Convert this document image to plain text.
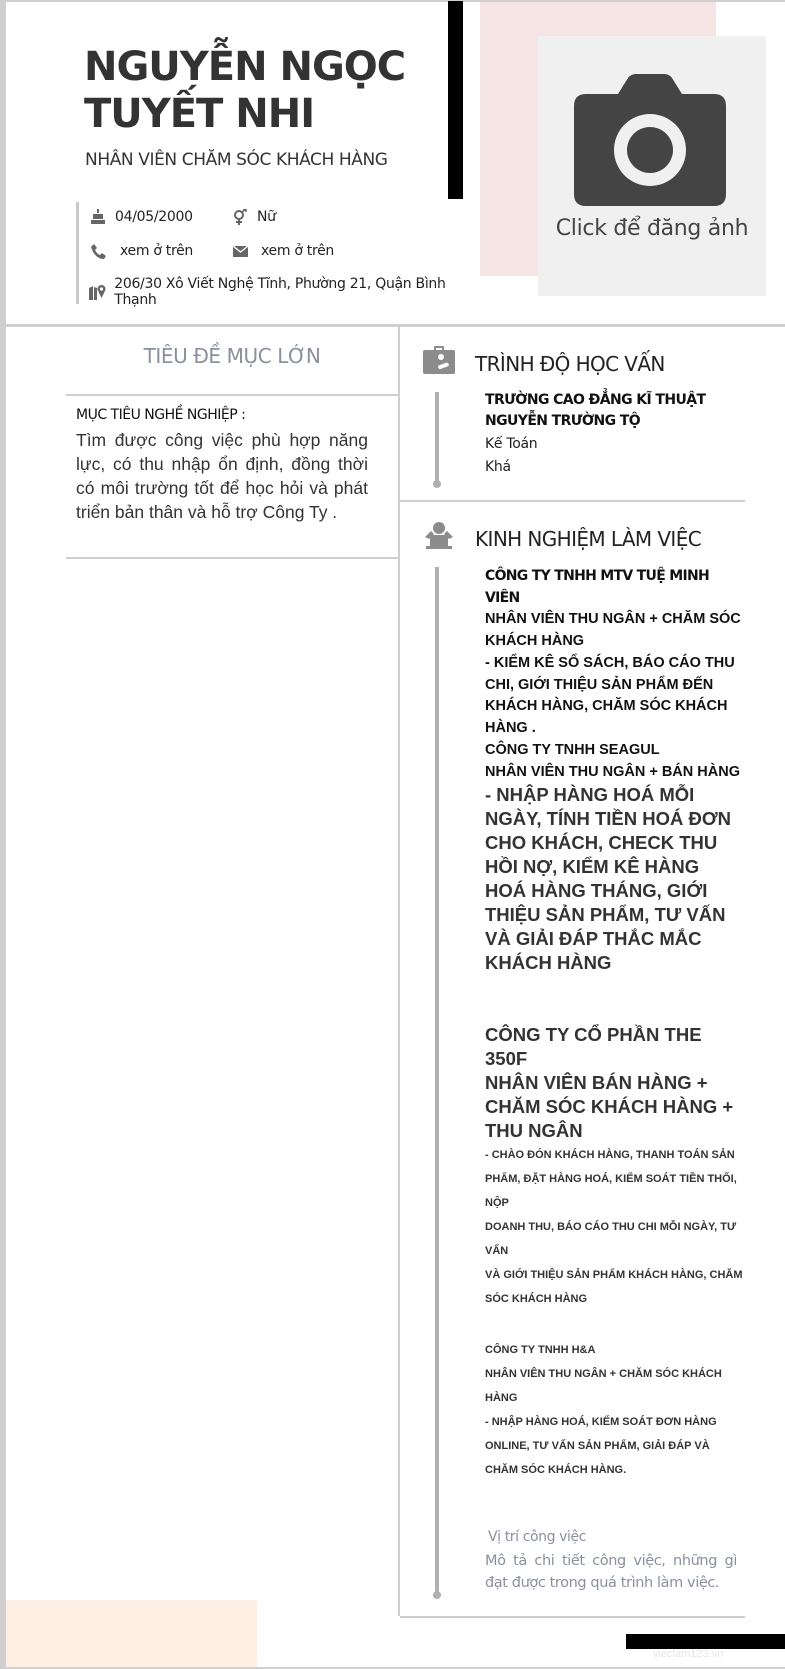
NGUYỄN NGỌC
TUYẾT NHI
NHÂN VIÊN CHĂM SÓC KHÁCH HÀNG
Click để đăng ảnh
04/05/2000	Nữ
xem ở trên	xem ở trên
206/30 Xô Viết Nghệ Tĩnh, Phường 21, Quận Bình Thạnh
TIÊU ĐỀ MỤC LỚN
MỤC TIÊU NGHỀ NGHIỆP :
Tìm được công việc phù hợp năng lực, có thu nhập ổn định, đồng thời có môi trường tốt để học hỏi và phát triển bản thân và hỗ trợ Công Ty .
TRÌNH ĐỘ HỌC VẤN
TRƯỜNG CAO ĐẲNG KĨ THUẬT
NGUYỄN TRƯỜNG TỘ
Kế Toán
Khá
KINH NGHIỆM LÀM VIỆC
CÔNG TY TNHH MTV TUỆ MINH VIÊN
NHÂN VIÊN THU NGÂN + CHĂM SÓC KHÁCH HÀNG
- KIỂM KÊ SỔ SÁCH, BÁO CÁO THU CHI, GIỚI THIỆU SẢN PHẨM ĐẾN KHÁCH HÀNG, CHĂM SÓC KHÁCH HÀNG .
CÔNG TY TNHH SEAGUL
NHÂN VIÊN THU NGÂN + BÁN HÀNG
- NHẬP HÀNG HOÁ MỖI NGÀY, TÍNH TIỀN HOÁ ĐƠN CHO KHÁCH, CHECK THU HỒI NỢ, KIỂM KÊ HÀNG HOÁ HÀNG THÁNG, GIỚI THIỆU SẢN PHẨM, TƯ VẤN VÀ GIẢI ĐÁP THẮC MẮC KHÁCH HÀNG
CÔNG TY CỔ PHẦN THE
350F
NHÂN VIÊN BÁN HÀNG + CHĂM SÓC KHÁCH HÀNG + THU NGÂN
- CHÀO ĐÓN KHÁCH HÀNG, THANH TOÁN SẢN PHẨM, ĐẶT HÀNG HOÁ, KIỂM SOÁT TIỀN THỐI, NỘP
DOANH THU, BÁO CÁO THU CHI MỖI NGÀY, TƯ VẤN
VÀ GIỚI THIỆU SẢN PHẨM KHÁCH HÀNG, CHĂM SÓC KHÁCH HÀNG
CÔNG TY TNHH H&A
NHÂN VIÊN THU NGÂN + CHĂM SÓC KHÁCH HÀNG
- NHẬP HÀNG HOÁ, KIỂM SOÁT ĐƠN HÀNG ONLINE, TƯ VẤN SẢN PHẨM, GIẢI ĐÁP VÀ CHĂM SÓC KHÁCH HÀNG.
Vị trí công việc
Mô tả chi tiết công việc, những gì đạt được trong quá trình làm việc.
vieclam123.vn
